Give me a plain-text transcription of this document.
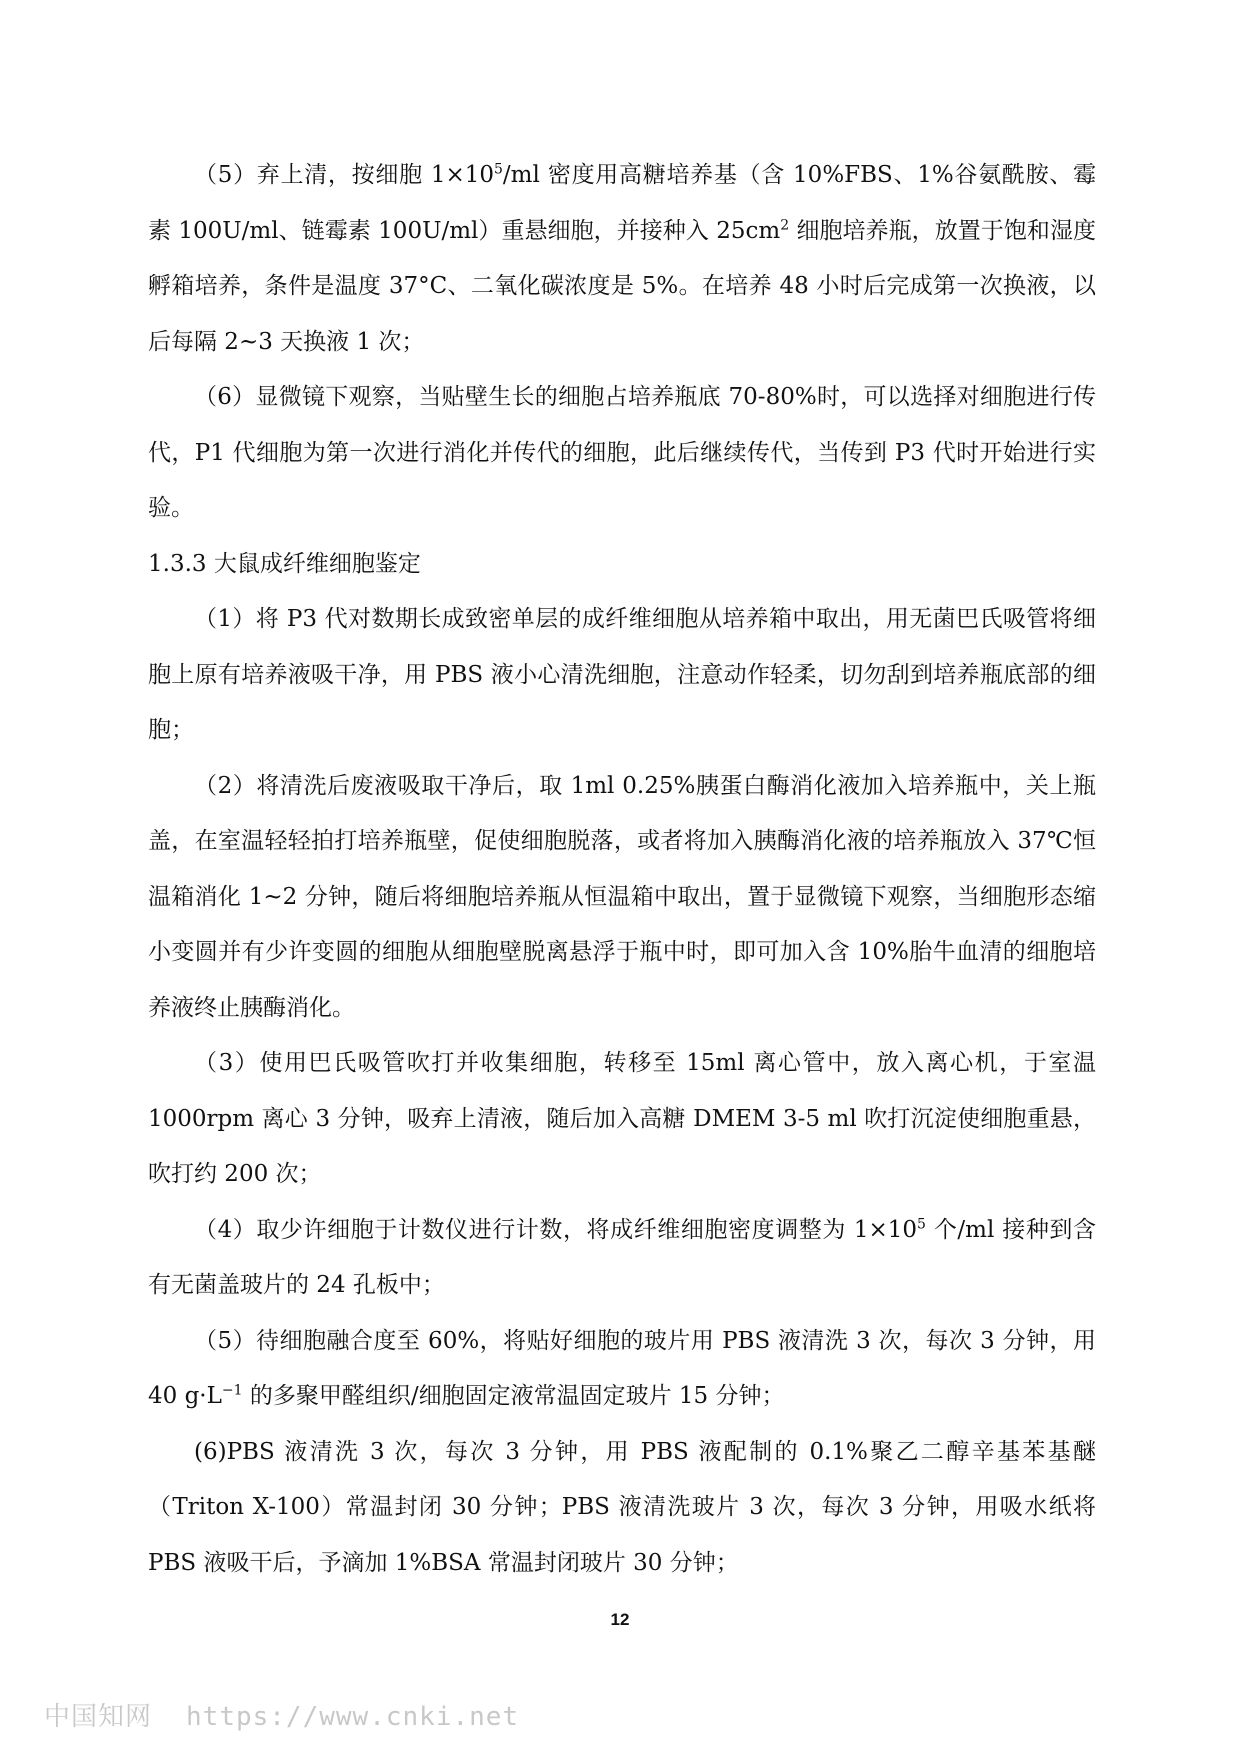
（5）弃上清，按细胞 $1\times 10^5/ml$ 密度用高糖培养基（含 10%FBS、1%谷氨酰胺、霉素 100U/ml、链霉素 100U/ml）重悬细胞，并接种入 $25cm^2$ 细胞培养瓶，放置于饱和湿度孵箱培养，条件是温度 37°C、二氧化碳浓度是 5%。在培养 48 小时后完成第一次换液，以后每隔 2~3 天换液 1 次；

（6）显微镜下观察，当贴壁生长的细胞占培养瓶底 70-80%时，可以选择对细胞进行传代，P1 代细胞为第一次进行消化并传代的细胞，此后继续传代，当传到 P3 代时开始进行实验。

1.3.3 大鼠成纤维细胞鉴定

（1）将 P3 代对数期长成致密单层的成纤维细胞从培养箱中取出，用无菌巴氏吸管将细胞上原有培养液吸干净，用 PBS 液小心清洗细胞，注意动作轻柔，切勿刮到培养瓶底部的细胞；

（2）将清洗后废液吸取干净后，取 1ml 0.25%胰蛋白酶消化液加入培养瓶中，关上瓶盖，在室温轻轻拍打培养瓶壁，促使细胞脱落，或者将加入胰酶消化液的培养瓶放入 37℃恒温箱消化 1~2 分钟，随后将细胞培养瓶从恒温箱中取出，置于显微镜下观察，当细胞形态缩小变圆并有少许变圆的细胞从细胞壁脱离悬浮于瓶中时，即可加入含 10%胎牛血清的细胞培养液终止胰酶消化。

（3）使用巴氏吸管吹打并收集细胞，转移至 15ml 离心管中，放入离心机，于室温 1000rpm 离心 3 分钟，吸弃上清液，随后加入高糖 DMEM 3-5 ml 吹打沉淀使细胞重悬，吹打约 200 次；

（4）取少许细胞于计数仪进行计数，将成纤维细胞密度调整为 $1\times 10^5$ 个/ml 接种到含有无菌盖玻片的 24 孔板中；

（5）待细胞融合度至 60%，将贴好细胞的玻片用 PBS 液清洗 3 次，每次 3 分钟，用 40 $g\cdot L^{-1}$ 的多聚甲醛组织/细胞固定液常温固定玻片 15 分钟；

(6)PBS 液清洗 3 次，每次 3 分钟，用 PBS 液配制的 0.1%聚乙二醇辛基苯基醚（Triton X-100）常温封闭 30 分钟；PBS 液清洗玻片 3 次，每次 3 分钟，用吸水纸将 PBS 液吸干后，予滴加 1%BSA 常温封闭玻片 30 分钟；

12
中国知网 https://www.cnki.net
